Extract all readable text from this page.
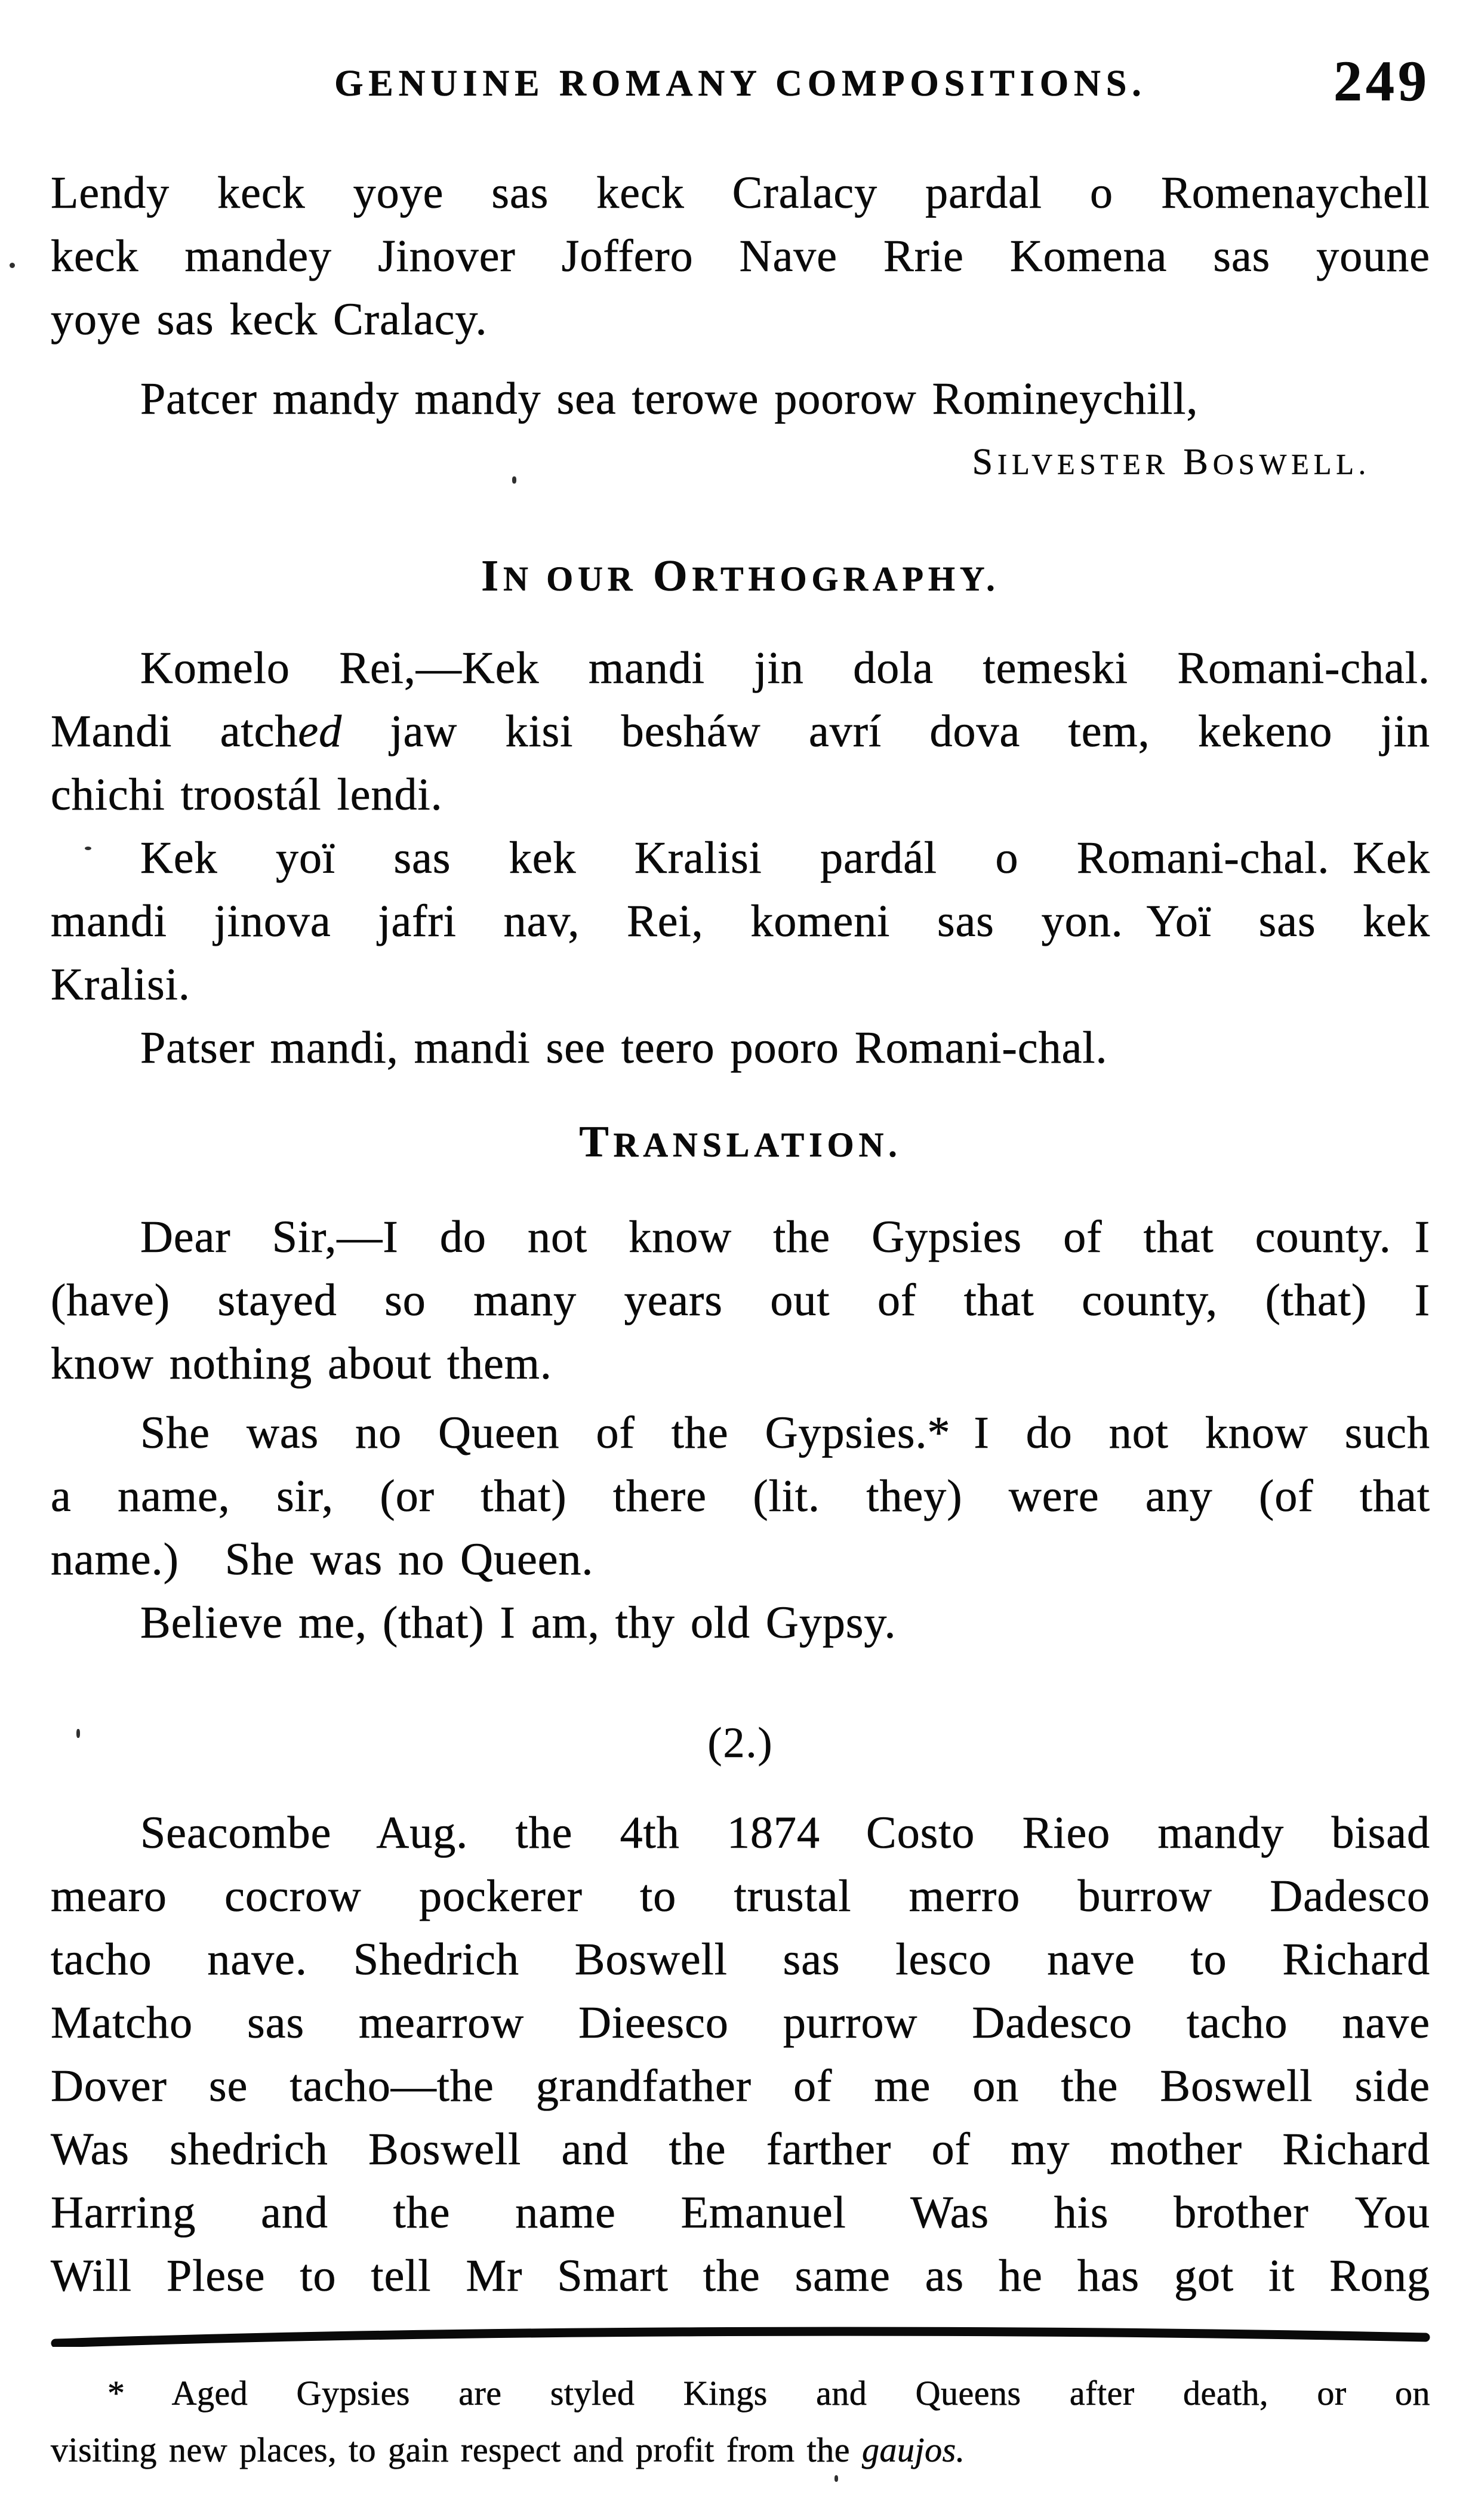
GENUINE ROMANY COMPOSITIONS.	249
Lendy keck yoye sas keck Cralacy pardal o Romenaychell
keck mandey Jinover Joffero Nave Rrie Komena sas youne
yoye sas keck Cralacy.
Patcer mandy mandy sea terowe poorow Romineychill,
SILVESTER BOSWELL.
IN OUR ORTHOGRAPHY.
Komelo Rei,—Kek mandi jin dola temeski Romani-chal.
Mandi atched jaw kisi besháw avrí dova tem, kekeno jin
chichi troostál lendi.
Kek yoï sas kek Kralisi pardál o Romani-chal. Kek
mandi jinova jafri nav, Rei, komeni sas yon. Yoï sas kek
Kralisi.
Patser mandi, mandi see teero pooro Romani-chal.
TRANSLATION.
Dear Sir,—I do not know the Gypsies of that county. I
(have) stayed so many years out of that county, (that) I
know nothing about them.
She was no Queen of the Gypsies.* I do not know such
a name, sir, (or that) there (lit. they) were any (of that
name.) She was no Queen.
Believe me, (that) I am, thy old Gypsy.
(2.)
Seacombe Aug. the 4th 1874 Costo Rieo mandy bisad
mearo cocrow pockerer to trustal merro burrow Dadesco
tacho nave. Shedrich Boswell sas lesco nave to Richard
Matcho sas mearrow Dieesco purrow Dadesco tacho nave
Dover se tacho—the grandfather of me on the Boswell side
Was shedrich Boswell and the farther of my mother Richard
Harring and the name Emanuel Was his brother You
Will Plese to tell Mr Smart the same as he has got it Rong
* Aged Gypsies are styled Kings and Queens after death, or on
visiting new places, to gain respect and profit from the gaujos.
